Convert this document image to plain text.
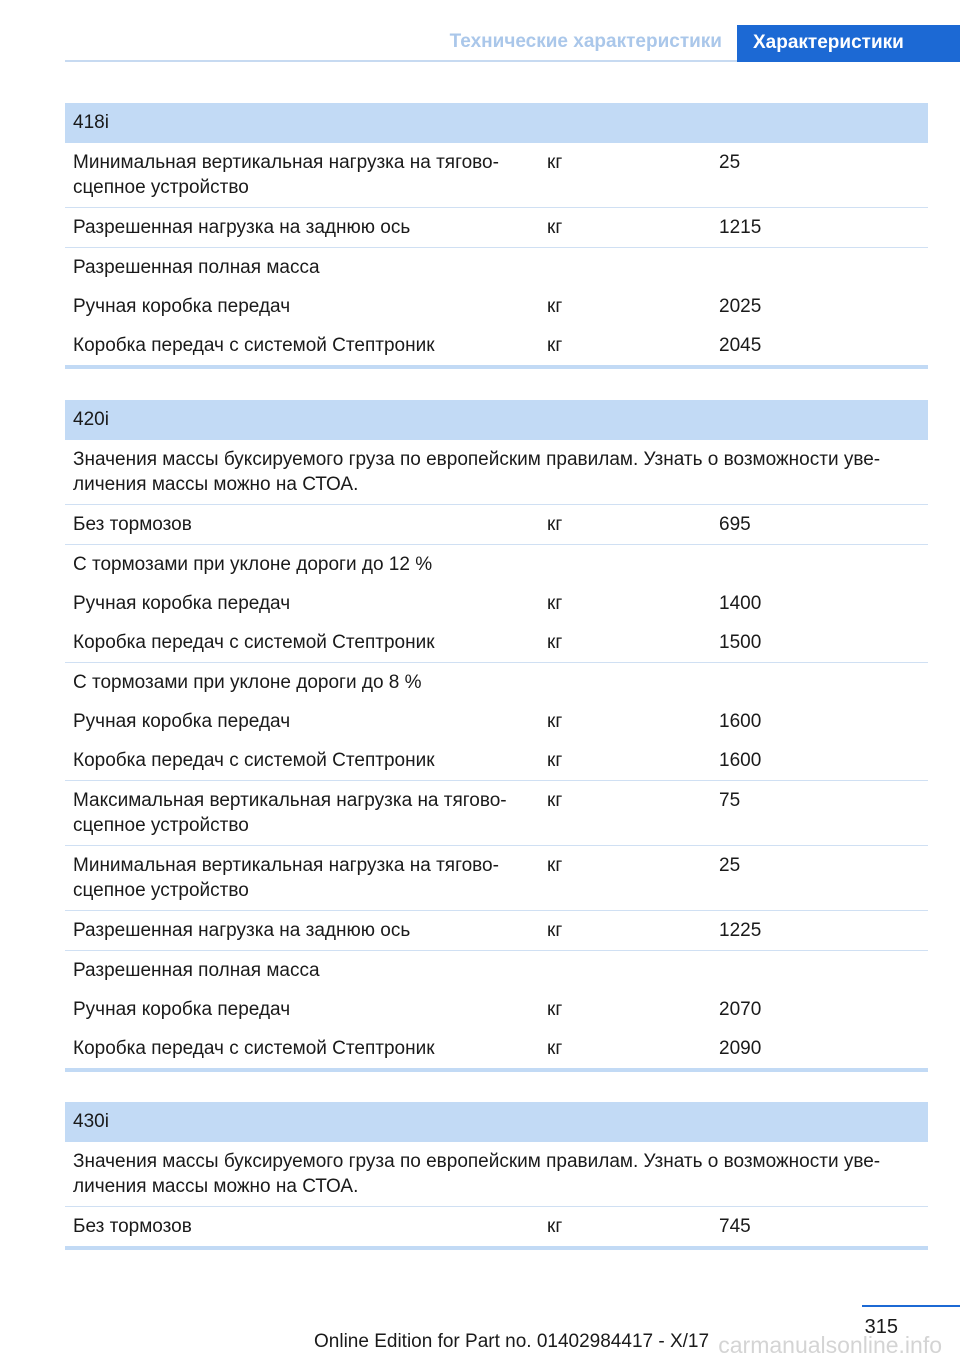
Технические характеристики	Характеристики
418i
Минимальная вертикальная нагрузка на тягово-
сцепное устройство
кг	25
Разрешенная нагрузка на заднюю ось	кг	1215
Разрешенная полная масса
Ручная коробка передач	кг	2025
Коробка передач с системой Стептроник	кг	2045
420i
Значения массы буксируемого груза по европейским правилам. Узнать о возможности уве-
личения массы можно на СТОА.
Без тормозов	кг	695
С тормозами при уклоне дороги до 12 %
Ручная коробка передач	кг	1400
Коробка передач с системой Стептроник	кг	1500
С тормозами при уклоне дороги до 8 %
Ручная коробка передач	кг	1600
Коробка передач с системой Стептроник	кг	1600
Максимальная вертикальная нагрузка на тягово-
сцепное устройство
кг	75
Минимальная вертикальная нагрузка на тягово-
сцепное устройство
кг	25
Разрешенная нагрузка на заднюю ось	кг	1225
Разрешенная полная масса
Ручная коробка передач	кг	2070
Коробка передач с системой Стептроник	кг	2090
430i
Значения массы буксируемого груза по европейским правилам. Узнать о возможности уве-
личения массы можно на СТОА.
Без тормозов	кг	745
315
Online Edition for Part no. 01402984417 - X/17 carmanualsonline.info
